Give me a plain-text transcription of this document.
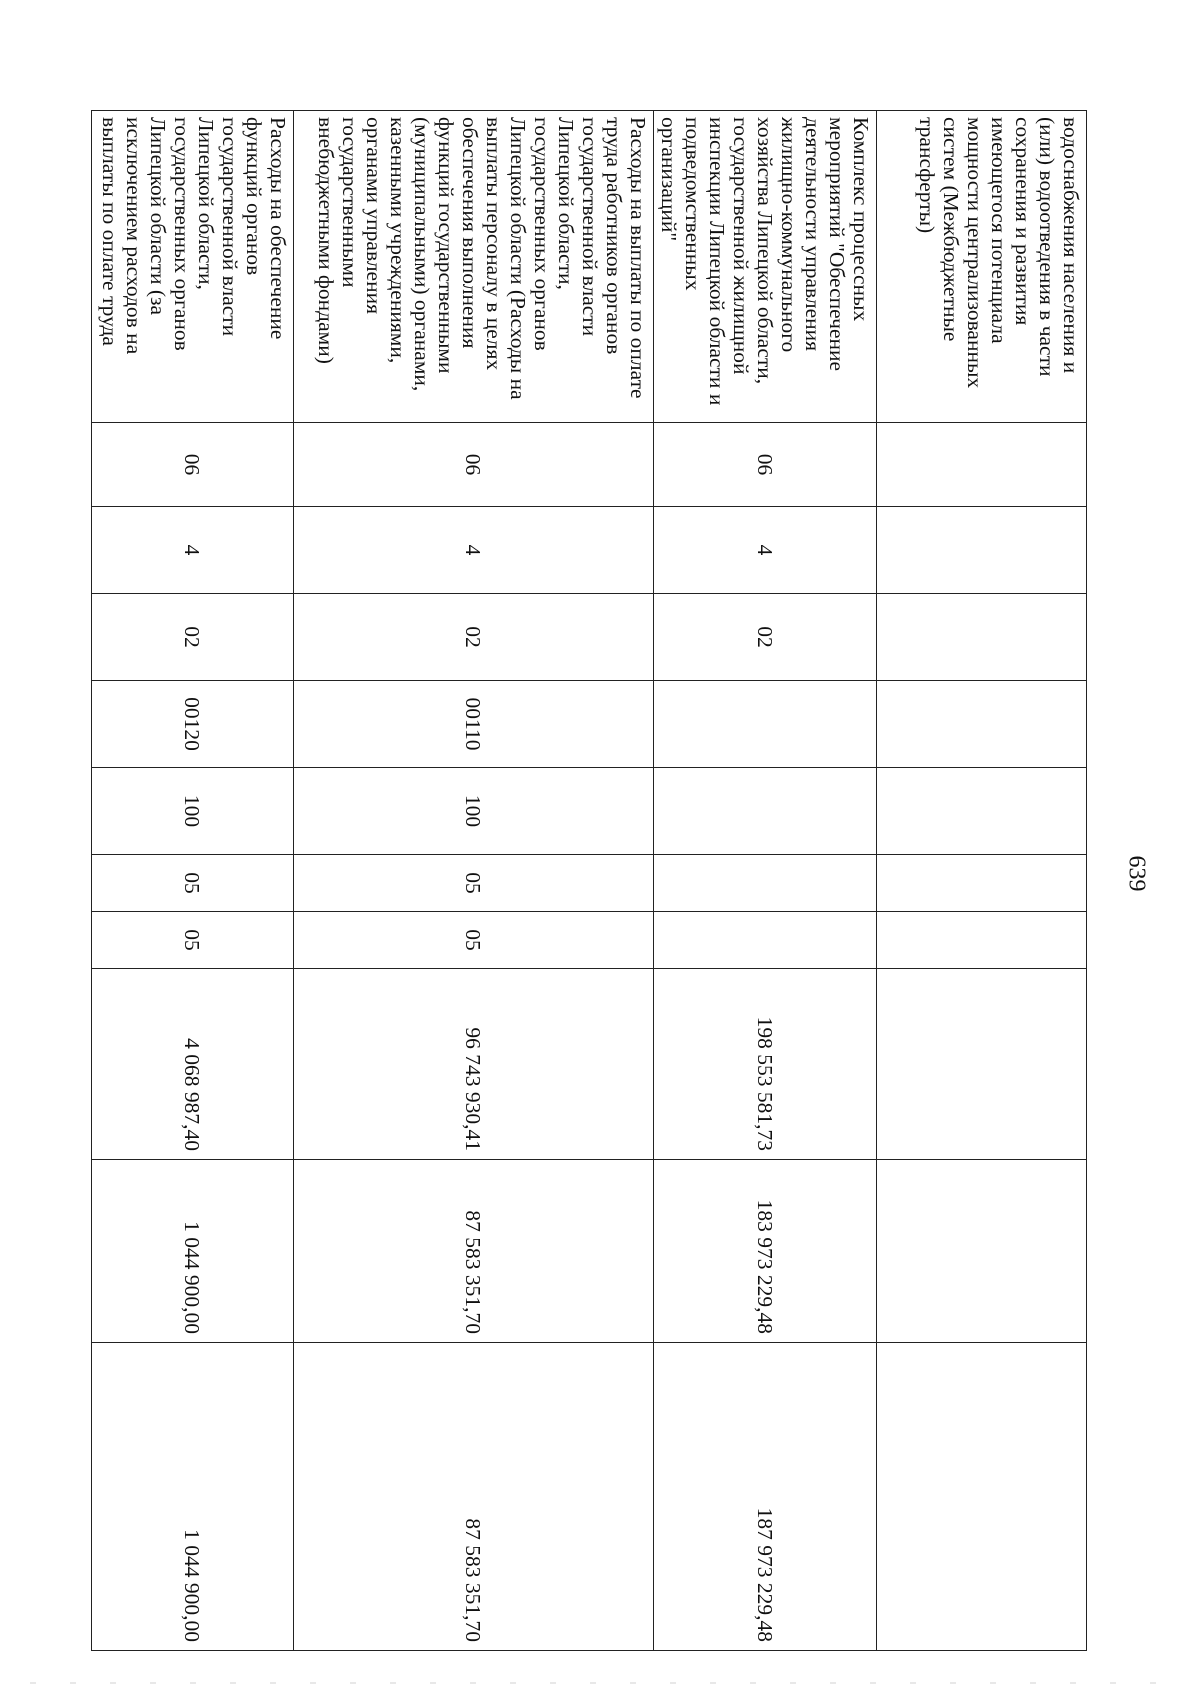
639
водоснабжения населения и (или) водоотведения в части сохранения и развития имеющегося потенциала мощности централизованных систем (Межбюджетные трансферты)										
Комплекс процессных мероприятий "Обеспечение деятельности управления жилищно-коммунального хозяйства Липецкой области, государственной жилищной инспекции Липецкой области и подведомственных организаций"	06	4	02					198 553 581,73	183 973 229,48	187 973 229,48
Расходы на выплаты по оплате труда работников органов государственной власти Липецкой области, государственных органов Липецкой области (Расходы на выплаты персоналу в целях обеспечения выполнения функций государственными (муниципальными) органами, казенными учреждениями, органами управления государственными внебюджетными фондами)	06	4	02	00110	100	05	05	96 743 930,41	87 583 351,70	87 583 351,70
Расходы на обеспечение функций органов государственной власти Липецкой области, государственных органов Липецкой области (за исключением расходов на выплаты по оплате труда	06	4	02	00120	100	05	05	4 068 987,40	1 044 900,00	1 044 900,00
